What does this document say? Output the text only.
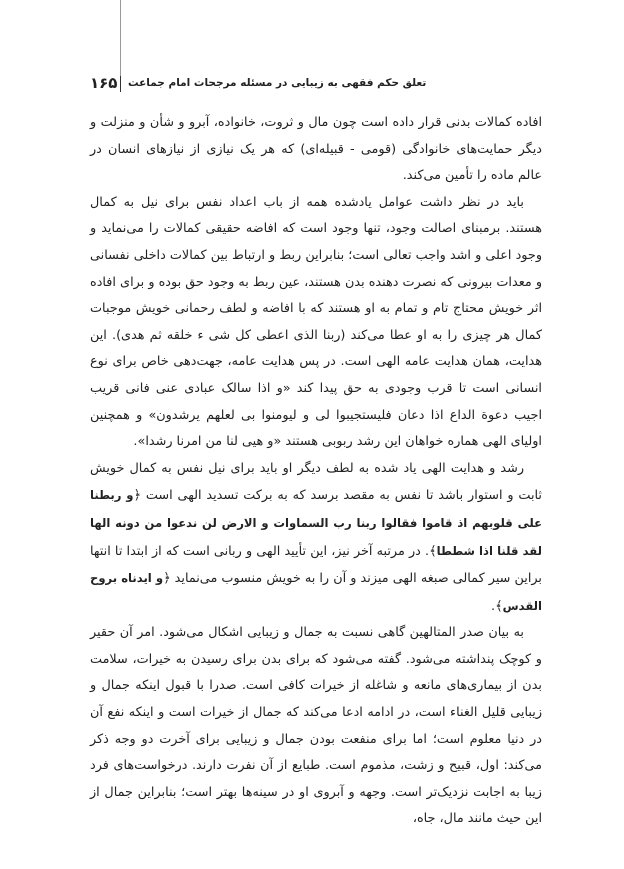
۱۶۵ تعلق حکم فقهی به زیبایی در مسئله مرجحات امام جماعت

افاده کمالات بدنی قرار داده است چون مال و ثروت، خانواده، آبرو و شأن و منزلت و دیگر حمایت‌های خانوادگی (قومی - قبیله‌ای) که هر یک نیازی از نیازهای انسان در عالم ماده را تأمین می‌کند.

باید در نظر داشت عوامل یادشده همه از باب اعداد نفس برای نیل به کمال هستند. برمبنای اصالت وجود، تنها وجود است که افاضه حقیقی کمالات را می‌نماید و وجود اعلی و اشد واجب تعالی است؛ بنابراین ربط و ارتباط بین کمالات داخلی نفسانی و معدات بیرونی که نصرت دهنده بدن هستند، عین ربط به وجود حق بوده و برای افاده اثر خویش محتاج تام و تمام به او هستند که با افاضه و لطف رحمانی خویش موجبات کمال هر چیزی را به او عطا می‌کند (ربنا الذی اعطی کل شی ء خلقه ثم هدی). این هدایت، همان هدایت عامه الهی است. در پس هدایت عامه، جهت‌دهی خاص برای نوع انسانی است تا قرب وجودی به حق پیدا کند «و اذا سالک عبادی عنی فانی قریب اجیب دعوة الداع اذا دعان فلیستجیبوا لی و لیومنوا بی لعلهم یرشدون» و همچنین اولیای الهی هماره خواهان این رشد ربوبی هستند «و هیی لنا من امرنا رشدا».

رشد و هدایت الهی یاد شده به لطف دیگر او باید برای نیل نفس به کمال خویش ثابت و استوار باشد تا نفس به مقصد برسد که به برکت تسدید الهی است ﴿و ربطنا علی قلوبهم اذ قاموا فقالوا ربنا رب السماوات و الارض لن ندعوا من دونه الها لقد قلنا اذا شططا﴾. در مرتبه آخر نیز، این تأیید الهی و ربانی است که از ابتدا تا انتها براین سیر کمالی صبغه الهی میزند و آن را به خویش منسوب می‌نماید ﴿و ایدناه بروح القدس﴾.

به بیان صدر المتالهین گاهی نسبت به جمال و زیبایی اشکال می‌شود. امر آن حقیر و کوچک پنداشته می‌شود. گفته می‌شود که برای بدن برای رسیدن به خیرات، سلامت بدن از بیماری‌های مانعه و شاغله از خیرات کافی است. صدرا با قبول اینکه جمال و زیبایی قلیل الغناء است، در ادامه ادعا می‌کند که جمال از خیرات است و اینکه نفع آن در دنیا معلوم است؛ اما برای منفعت بودن جمال و زیبایی برای آخرت دو وجه ذکر می‌کند: اول، قبیح و زشت، مذموم است. طبایع از آن نفرت دارند. درخواست‌های فرد زیبا به اجابت نزدیک‌تر است. وجهه و آبروی او در سینه‌ها بهتر است؛ بنابراین جمال از این حیث مانند مال، جاه،
